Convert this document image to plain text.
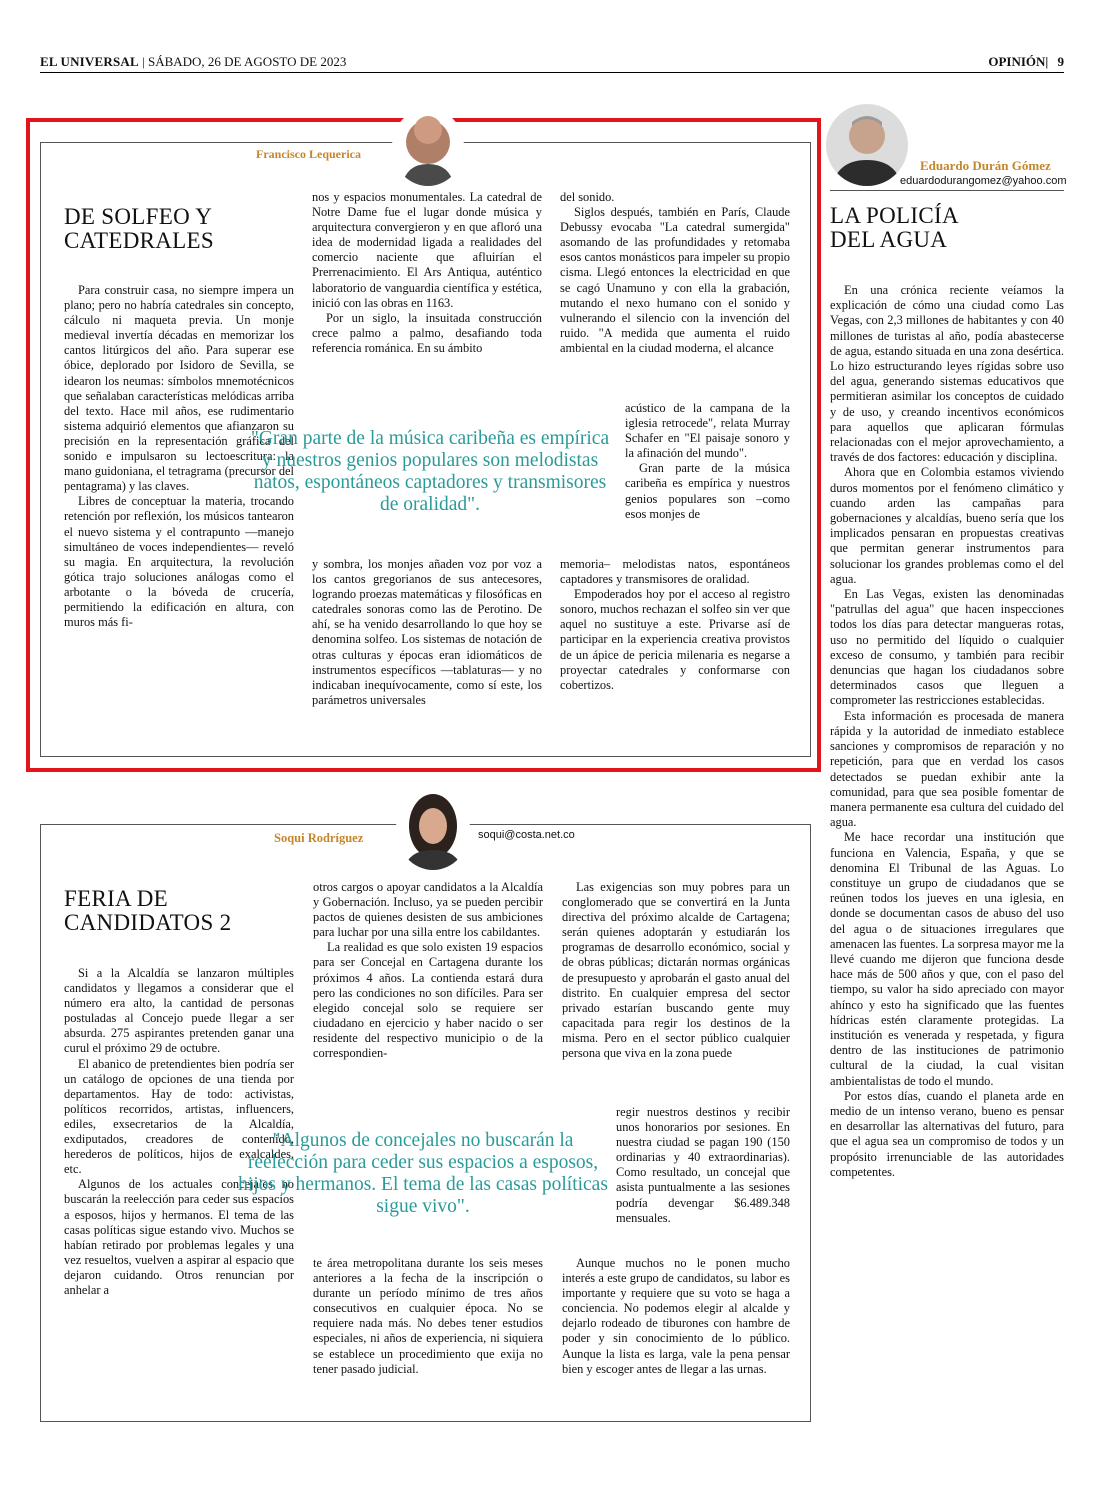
EL UNIVERSAL | SÁBADO, 26 DE AGOSTO DE 2023	OPINIÓN| 9
Francisco Lequerica
DE SOLFEO Y
CATEDRALES

Para construir casa, no siempre impera un plano; pero no habría catedrales sin concepto, cálculo ni maqueta previa. Un monje medieval invertía décadas en memorizar los cantos litúrgicos del año. Para superar ese óbice, deplorado por Isidoro de Sevilla, se idearon los neumas: símbolos mnemotécnicos que señalaban características melódicas arriba del texto. Hace mil años, ese rudimentario sistema adquirió elementos que afianzaron su precisión en la representación gráfica del sonido e impulsaron su lectoescritura: la mano guidoniana, el tetragrama (precursor del pentagrama) y las claves.

Libres de conceptuar la materia, trocando retención por reflexión, los músicos tantearon el nuevo sistema y el contrapunto —manejo simultáneo de voces independientes— reveló su magia. En arquitectura, la revolución gótica trajo soluciones análogas como el arbotante o la bóveda de crucería, permitiendo la edificación en altura, con muros más fi-

nos y espacios monumentales. La catedral de Notre Dame fue el lugar donde música y arquitectura convergieron y en que afloró una idea de modernidad ligada a realidades del comercio naciente que afluirían el Prerrenacimiento. El Ars Antiqua, auténtico laboratorio de vanguardia científica y estética, inició con las obras en 1163.

Por un siglo, la insuitada construcción crece palmo a palmo, desafiando toda referencia románica. En su ámbito

"Gran parte de la música caribeña es empírica y nuestros genios populares son melodistas natos, espontáneos captadores y transmisores de oralidad".

y sombra, los monjes añaden voz por voz a los cantos gregorianos de sus antecesores, logrando proezas matemáticas y filosóficas en catedrales sonoras como las de Perotino. De ahí, se ha venido desarrollando lo que hoy se denomina solfeo. Los sistemas de notación de otras culturas y épocas eran idiomáticos de instrumentos específicos —tablaturas— y no indicaban inequívocamente, como sí este, los parámetros universales

del sonido.

Siglos después, también en París, Claude Debussy evocaba "La catedral sumergida" asomando de las profundidades y retomaba esos cantos monásticos para impeler su propio cisma. Llegó entonces la electricidad en que se cagó Unamuno y con ella la grabación, mutando el nexo humano con el sonido y vulnerando el silencio con la invención del ruido. "A medida que aumenta el ruido ambiental en la ciudad moderna, el alcance

acústico de la campana de la iglesia retrocede", relata Murray Schafer en "El paisaje sonoro y la afinación del mundo".

Gran parte de la música caribeña es empírica y nuestros genios populares son –como esos monjes de

memoria– melodistas natos, espontáneos captadores y transmisores de oralidad.

Empoderados hoy por el acceso al registro sonoro, muchos rechazan el solfeo sin ver que aquel no sustituye a este. Privarse así de participar en la experiencia creativa provistos de un ápice de pericia milenaria es negarse a proyectar catedrales y conformarse con cobertizos.

Soqui Rodríguez	soqui@costa.net.co
FERIA DE
CANDIDATOS 2

Si a la Alcaldía se lanzaron múltiples candidatos y llegamos a considerar que el número era alto, la cantidad de personas postuladas al Concejo puede llegar a ser absurda. 275 aspirantes pretenden ganar una curul el próximo 29 de octubre.

El abanico de pretendientes bien podría ser un catálogo de opciones de una tienda por departamentos. Hay de todo: activistas, políticos recorridos, artistas, influencers, ediles, exsecretarios de la Alcaldía, exdiputados, creadores de contenido, herederos de políticos, hijos de exalcaldes, etc.

Algunos de los actuales concejales no buscarán la reelección para ceder sus espacios a esposos, hijos y hermanos. El tema de las casas políticas sigue estando vivo. Muchos se habían retirado por problemas legales y una vez resueltos, vuelven a aspirar al espacio que dejaron cuidando. Otros renuncian por anhelar a

otros cargos o apoyar candidatos a la Alcaldía y Gobernación. Incluso, ya se pueden percibir pactos de quienes desisten de sus ambiciones para luchar por una silla entre los cabildantes.

La realidad es que solo existen 19 espacios para ser Concejal en Cartagena durante los próximos 4 años. La contienda estará dura pero las condiciones no son difíciles. Para ser elegido concejal solo se requiere ser ciudadano en ejercicio y haber nacido o ser residente del respectivo municipio o de la correspondien-

"Algunos de concejales no buscarán la reelección para ceder sus espacios a esposos, hijos y hermanos. El tema de las casas políticas sigue vivo".

te área metropolitana durante los seis meses anteriores a la fecha de la inscripción o durante un período mínimo de tres años consecutivos en cualquier época. No se requiere nada más. No debes tener estudios especiales, ni años de experiencia, ni siquiera se establece un procedimiento que exija no tener pasado judicial.

Las exigencias son muy pobres para un conglomerado que se convertirá en la Junta directiva del próximo alcalde de Cartagena; serán quienes adoptarán y estudiarán los programas de desarrollo económico, social y de obras públicas; dictarán normas orgánicas de presupuesto y aprobarán el gasto anual del distrito. En cualquier empresa del sector privado estarían buscando gente muy capacitada para regir los destinos de la misma. Pero en el sector público cualquier persona que viva en la zona puede

regir nuestros destinos y recibir unos honorarios por sesiones. En nuestra ciudad se pagan 190 (150 ordinarias y 40 extraordinarias). Como resultado, un concejal que asista puntualmente a las sesiones podría devengar $6.489.348 mensuales.

Aunque muchos no le ponen mucho interés a este grupo de candidatos, su labor es importante y requiere que su voto se haga a conciencia. No podemos elegir al alcalde y dejarlo rodeado de tiburones con hambre de poder y sin conocimiento de lo público. Aunque la lista es larga, vale la pena pensar bien y escoger antes de llegar a las urnas.

Eduardo Durán Gómez
eduardodurangomez@yahoo.com
LA POLICÍA
DEL AGUA

En una crónica reciente veíamos la explicación de cómo una ciudad como Las Vegas, con 2,3 millones de habitantes y con 40 millones de turistas al año, podía abastecerse de agua, estando situada en una zona desértica. Lo hizo estructurando leyes rígidas sobre uso del agua, generando sistemas educativos que permitieran asimilar los conceptos de cuidado y de uso, y creando incentivos económicos para aquellos que aplicaran fórmulas relacionadas con el mejor aprovechamiento, a través de dos factores: educación y disciplina.

Ahora que en Colombia estamos viviendo duros momentos por el fenómeno climático y cuando arden las campañas para gobernaciones y alcaldías, bueno sería que los implicados pensaran en propuestas creativas que permitan generar instrumentos para solucionar los grandes problemas como el del agua.

En Las Vegas, existen las denominadas "patrullas del agua" que hacen inspecciones todos los días para detectar mangueras rotas, uso no permitido del líquido o cualquier exceso de consumo, y también para recibir denuncias que hagan los ciudadanos sobre determinados casos que lleguen a comprometer las restricciones establecidas.

Esta información es procesada de manera rápida y la autoridad de inmediato establece sanciones y compromisos de reparación y no repetición, para que en verdad los casos detectados se puedan exhibir ante la comunidad, para que sea posible fomentar de manera permanente esa cultura del cuidado del agua.

Me hace recordar una institución que funciona en Valencia, España, y que se denomina El Tribunal de las Aguas. Lo constituye un grupo de ciudadanos que se reúnen todos los jueves en una iglesia, en donde se documentan casos de abuso del uso del agua o de situaciones irregulares que amenacen las fuentes. La sorpresa mayor me la llevé cuando me dijeron que funciona desde hace más de 500 años y que, con el paso del tiempo, su valor ha sido apreciado con mayor ahínco y esto ha significado que las fuentes hídricas estén claramente protegidas. La institución es venerada y respetada, y figura dentro de las instituciones de patrimonio cultural de la ciudad, la cual visitan ambientalistas de todo el mundo.

Por estos días, cuando el planeta arde en medio de un intenso verano, bueno es pensar en desarrollar las alternativas del futuro, para que el agua sea un compromiso de todos y un propósito irrenunciable de las autoridades competentes.
